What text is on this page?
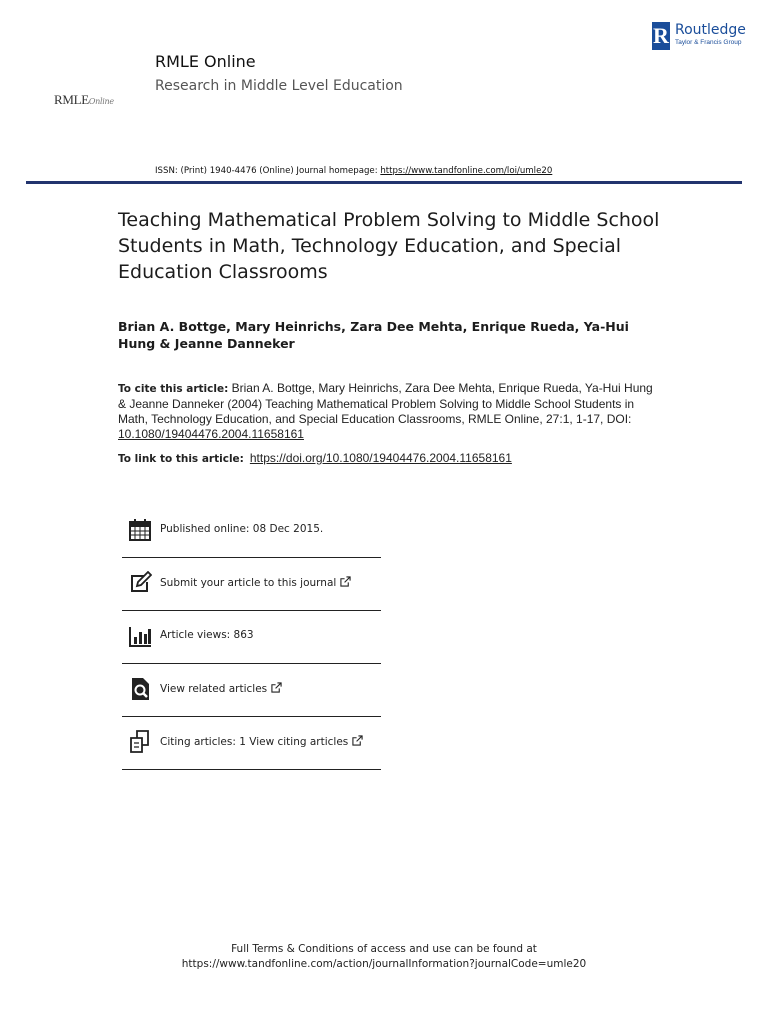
RMLEOnline
RMLE Online
Research in Middle Level Education
R Routledge
Taylor & Francis Group
ISSN: (Print) 1940-4476 (Online) Journal homepage: https://www.tandfonline.com/loi/umle20
Teaching Mathematical Problem Solving to Middle School Students in Math, Technology Education, and Special Education Classrooms
Brian A. Bottge, Mary Heinrichs, Zara Dee Mehta, Enrique Rueda, Ya-Hui Hung & Jeanne Danneker
To cite this article: Brian A. Bottge, Mary Heinrichs, Zara Dee Mehta, Enrique Rueda, Ya-Hui Hung & Jeanne Danneker (2004) Teaching Mathematical Problem Solving to Middle School Students in Math, Technology Education, and Special Education Classrooms, RMLE Online, 27:1, 1-17, DOI: 10.1080/19404476.2004.11658161
To link to this article: https://doi.org/10.1080/19404476.2004.11658161
Published online: 08 Dec 2015.
Submit your article to this journal
Article views: 863
View related articles
Citing articles: 1 View citing articles
Full Terms & Conditions of access and use can be found at
https://www.tandfonline.com/action/journalInformation?journalCode=umle20
